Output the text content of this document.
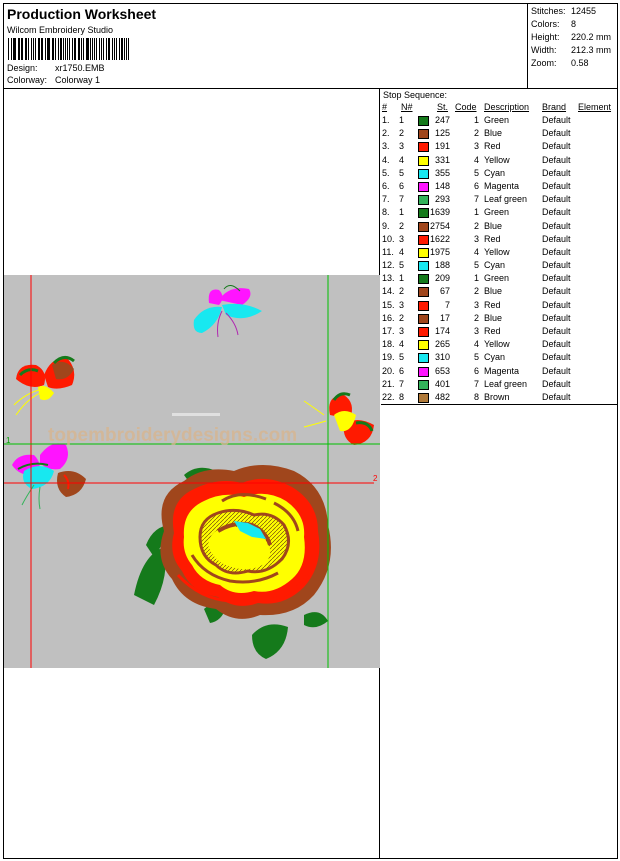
Production Worksheet
Wilcom Embroidery Studio
Design: xr1750.EMB
Colorway: Colorway 1
Stitches: 12455
Colors: 8
Height: 220.2 mm
Width: 212.3 mm
Zoom: 0.58
1
2
topembroiderydesigns.com
Stop Sequence:
# N#	St. Code Description Brand Element
1. 1	247	1 Green	Default
2. 2	125	2 Blue	Default
3. 3	191	3 Red	Default
4. 4	331	4 Yellow	Default
5. 5	355	5 Cyan	Default
6. 6	148	6 Magenta	Default
7. 7	293	7 Leaf green Default
8. 1	1639	1 Green	Default
9. 2	2754	2 Blue	Default
10. 3	1622	3 Red	Default
11. 4	1975	4 Yellow	Default
12. 5	188	5 Cyan	Default
13. 1	209	1 Green	Default
14. 2	67	2 Blue	Default
15. 3	7	3 Red	Default
16. 2	17	2 Blue	Default
17. 3	174	3 Red	Default
18. 4	265	4 Yellow	Default
19. 5	310	5 Cyan	Default
20. 6	653	6 Magenta	Default
21. 7	401	7 Leaf green Default
22. 8	482	8 Brown	Default
